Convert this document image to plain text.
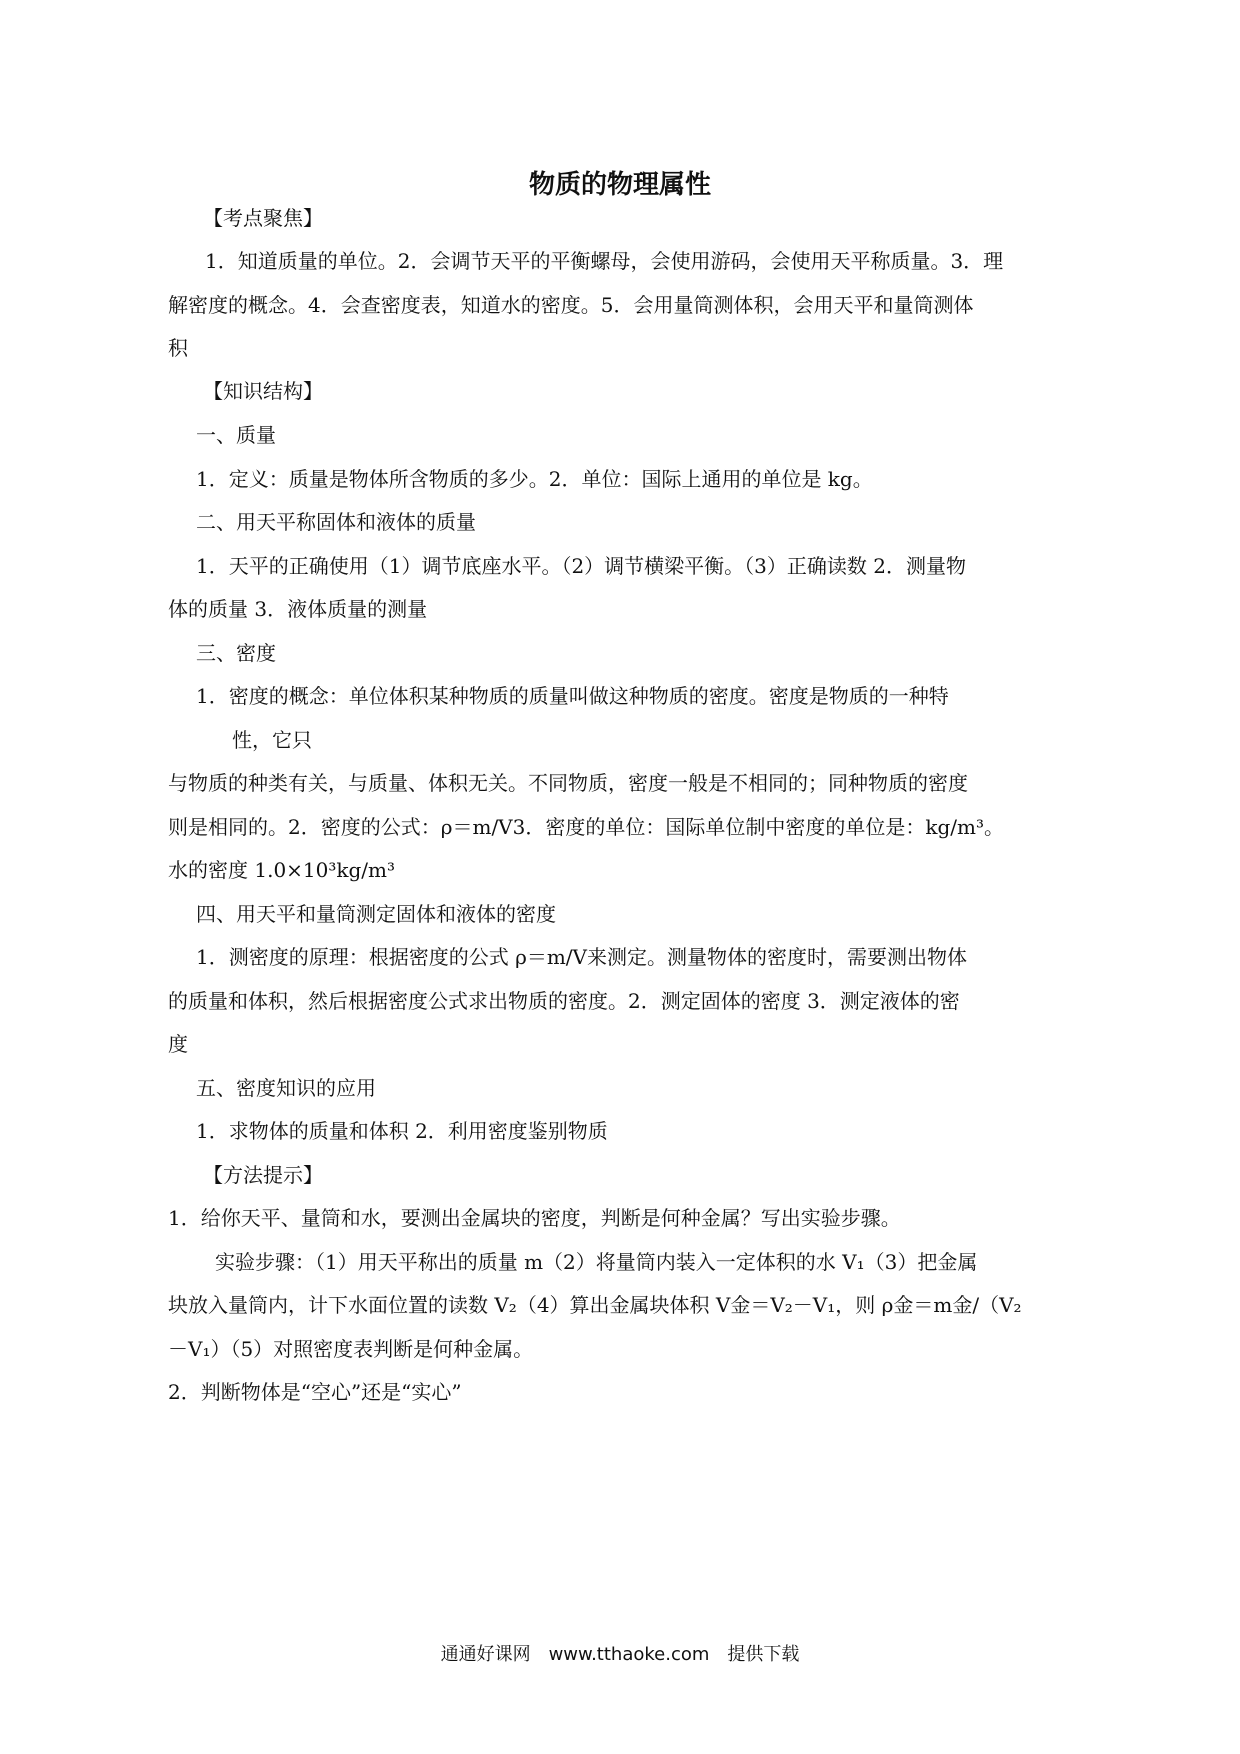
物质的物理属性
【考点聚焦】
1．知道质量的单位。2．会调节天平的平衡螺母，会使用游码，会使用天平称质量。3．理
解密度的概念。4．会查密度表，知道水的密度。5．会用量筒测体积，会用天平和量筒测体
积
【知识结构】
一、质量
1．定义：质量是物体所含物质的多少。2．单位：国际上通用的单位是 kg。
二、用天平称固体和液体的质量
1．天平的正确使用（1）调节底座水平。（2）调节横梁平衡。（3）正确读数 2．测量物
体的质量 3．液体质量的测量
三、密度
1．密度的概念：单位体积某种物质的质量叫做这种物质的密度。密度是物质的一种特
性，它只
与物质的种类有关，与质量、体积无关。不同物质，密度一般是不相同的；同种物质的密度
则是相同的。2．密度的公式：ρ＝m/V3．密度的单位：国际单位制中密度的单位是：kg/m³。
水的密度 1.0×10³kg/m³
四、用天平和量筒测定固体和液体的密度
1．测密度的原理：根据密度的公式 ρ＝m/V来测定。测量物体的密度时，需要测出物体
的质量和体积，然后根据密度公式求出物质的密度。2．测定固体的密度 3．测定液体的密
度
五、密度知识的应用
1．求物体的质量和体积 2．利用密度鉴别物质
【方法提示】
1．给你天平、量筒和水，要测出金属块的密度，判断是何种金属？写出实验步骤。
实验步骤：（1）用天平称出的质量 m（2）将量筒内装入一定体积的水 V₁（3）把金属
块放入量筒内，计下水面位置的读数 V₂（4）算出金属块体积 V金＝V₂－V₁，则 ρ金＝m金/（V₂
－V₁）（5）对照密度表判断是何种金属。
2．判断物体是“空心”还是“实心”
通通好课网　www.tthaoke.com　提供下载
